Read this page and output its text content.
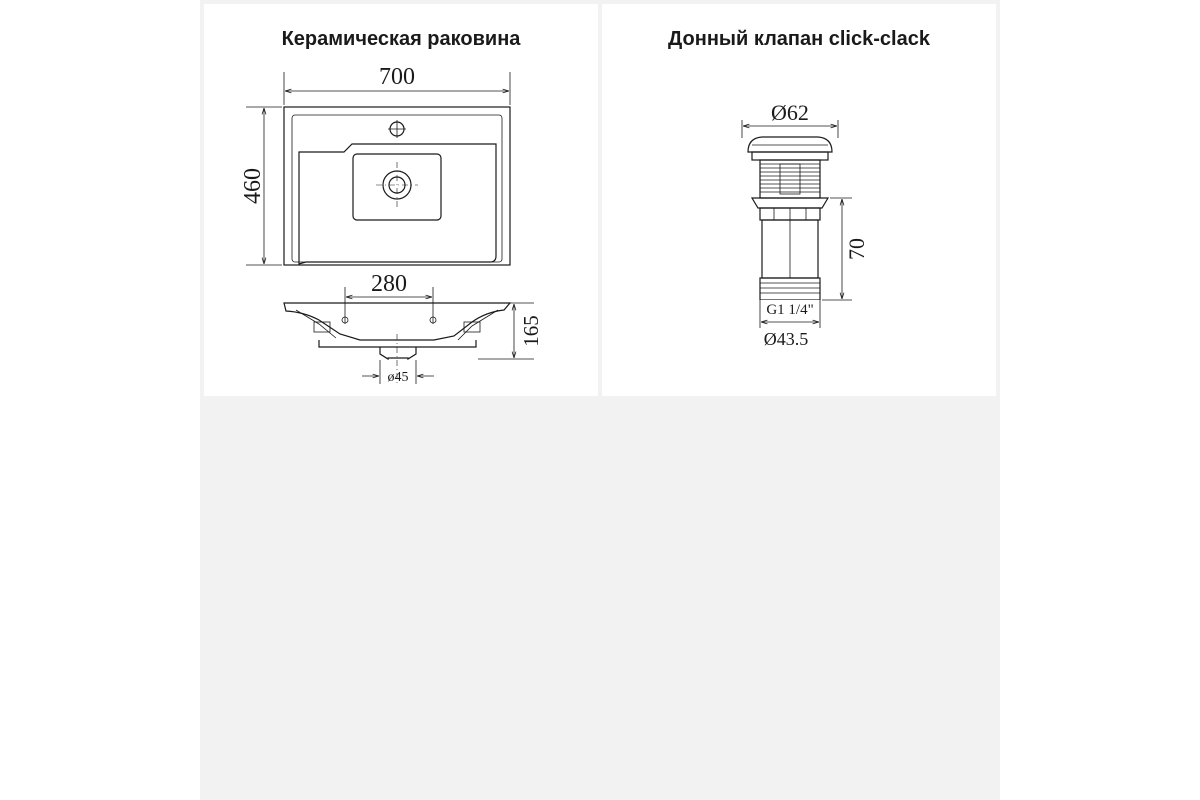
Керамическая раковина
700
460
280
165
ø45
Донный клапан click-clack
Ø62
70
G1 1/4"
Ø43.5
